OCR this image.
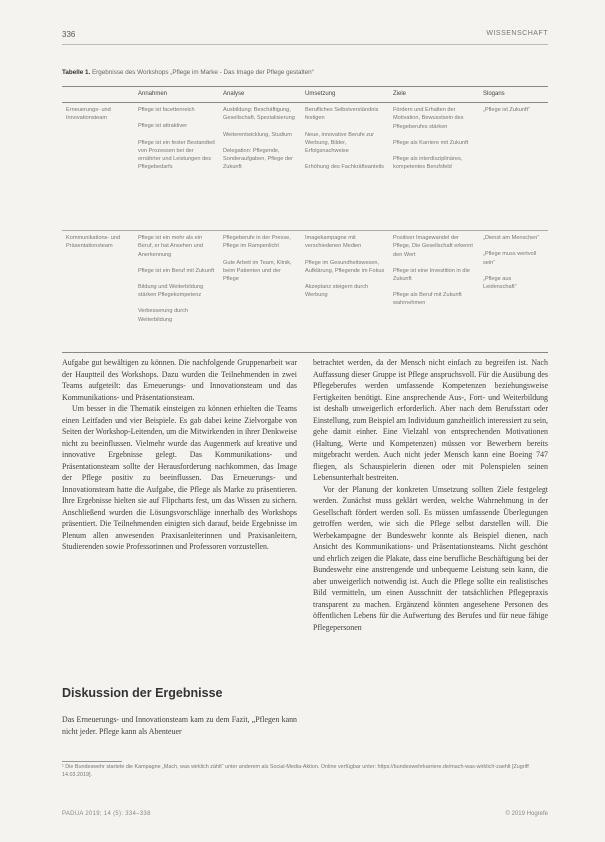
336	WISSENSCHAFT
Tabelle 1. Ergebnisse des Workshops „Pflege im Marke - Das Image der Pflege gestalten“
	Annahmen	Analyse	Umsetzung	Ziele	Slogans
Erneuerungs- und Innovationsteam	Pflege ist facettenreich
Pflege ist attraktiver
Pflege ist ein fester Bestandteil von Prozessen bei der ernährter und Leistungen des Pflegebedarfs	Ausbildung: Beschäftigung, Gesellschaft, Spezialisierung
Weiterentwicklung, Studium
Delegation: Pflegende, Sonderaufgaben, Pflege der Zukunft	Berufliches Selbstverständnis festigen
Neue, innovative Berufe zur Werbung, Bilder, Erfolgsnachweise
Erhöhung des Fachkräfteanteils	Fördern und Erhalten der Motivation, Bewusstsein des Pflegeberufes stärken
Pflege als Karriere mit Zukunft
Pflege als interdisziplinäres, kompetentes Berufsfeld	„Pflege ist Zukunft“

Kommunikations- und Präsentationsteam	Pflege ist ein mehr als ein Beruf, er hat Ansehen und Anerkennung
Pflege ist ein Beruf mit Zukunft
Bildung und Weiterbildung stärken Pflegekompetenz
Verbesserung durch Weiterbildung	Pflegeberufe in der Presse, Pflege im Rampenlicht
Gute Arbeit im Team, Klinik, beim Patienten und der Pflege	Imagekampagne mit verschiedenen Medien
Pflege im Gesundheitswesen, Aufklärung, Pflegende im Fokus
Akzeptanz steigern durch Werbung	Positiver Imagewandel der Pflege, Die Gesellschaft erkennt den Wert
Pflege ist eine Investition in die Zukunft
Pflege als Beruf mit Zukunft wahrnehmen	„Dienst am Menschen“
„Pflege muss wertvoll sein“
„Pflege aus Leidenschaft“

Aufgabe gut bewältigen zu können. Die nachfolgende Gruppenarbeit war der Hauptteil des Workshops. Dazu wurden die Teilnehmenden in zwei Teams aufgeteilt: das Erneuerungs- und Innovationsteam und das Kommunikations- und Präsentationsteam.

Um besser in die Thematik einsteigen zu können erhielten die Teams einen Leitfaden und vier Beispiele. Es gab dabei keine Zielvorgabe von Seiten der Workshop-Leitenden, um die Mitwirkenden in ihrer Denkweise nicht zu beeinflussen. Vielmehr wurde das Augenmerk auf kreative und innovative Ergebnisse gelegt. Das Kommunikations- und Präsentationsteam sollte der Herausforderung nachkommen, das Image der Pflege positiv zu beeinflussen. Das Erneuerungs- und Innovationsteam hatte die Aufgabe, die Pflege als Marke zu präsentieren. Ihre Ergebnisse hielten sie auf Flipcharts fest, um das Wissen zu sichern. Anschließend wurden die Lösungsvorschläge innerhalb des Workshops präsentiert. Die Teilnehmenden einigten sich darauf, beide Ergebnisse im Plenum allen anwesenden Praxisanleiterinnen und Praxisanleitern, Studierenden sowie Professorinnen und Professoren vorzustellen.

Diskussion der Ergebnisse

Das Erneuerungs- und Innovationsteam kam zu dem Fazit, „Pflegen kann nicht jeder. Pflege kann als Abenteuer

betrachtet werden, da der Mensch nicht einfach zu begreifen ist. Nach Auffassung dieser Gruppe ist Pflege anspruchsvoll. Für die Ausübung des Pflegeberufes werden umfassende Kompetenzen beziehungsweise Fertigkeiten benötigt. Eine ansprechende Aus-, Fort- und Weiterbildung ist deshalb unweigerlich erforderlich. Aber nach dem Berufsstart oder Einstellung, zum Beispiel am Individuum ganzheitlich interessiert zu sein, gehe damit einher. Eine Vielzahl von entsprechenden Motivationen (Haltung, Werte und Kompetenzen) müssen vor Bewerbern bereits mitgebracht werden. Auch nicht jeder Mensch kann eine Boeing 747 fliegen, als Schauspielerin dienen oder mit Polenspielen seinen Lebensunterhalt bestreiten.

Vor der Planung der konkreten Umsetzung sollten Ziele festgelegt werden. Zunächst muss geklärt werden, welche Wahrnehmung in der Gesellschaft fördert werden soll. Es müssen umfassende Überlegungen getroffen werden, wie sich die Pflege selbst darstellen will. Die Werbekampagne der Bundeswehr konnte als Beispiel dienen, nach Ansicht des Kommunikations- und Präsentationsteams. Nicht geschönt und ehrlich zeigen die Plakate, dass eine berufliche Beschäftigung bei der Bundeswehr eine anstrengende und unbequeme Leistung sein kann, die aber unweigerlich notwendig ist. Auch die Pflege sollte ein realistisches Bild vermitteln, um einen Ausschnitt der tatsächlichen Pflegepraxis transparent zu machen. Ergänzend könnten angesehene Personen des öffentlichen Lebens für die Aufwertung des Berufes und für neue fähige Pflegepersonen

¹ Die Bundeswehr startete die Kampagne „Mach, was wirklich zählt“ unter anderem als Social-Media-Aktion. Online verfügbar unter: https://bundeswehrkarriere.de/mach-was-wirklich-zaehlt [Zugriff 14.03.2019].
PADUA 2019; 14 (5): 334–338	© 2019 Hogrefe
